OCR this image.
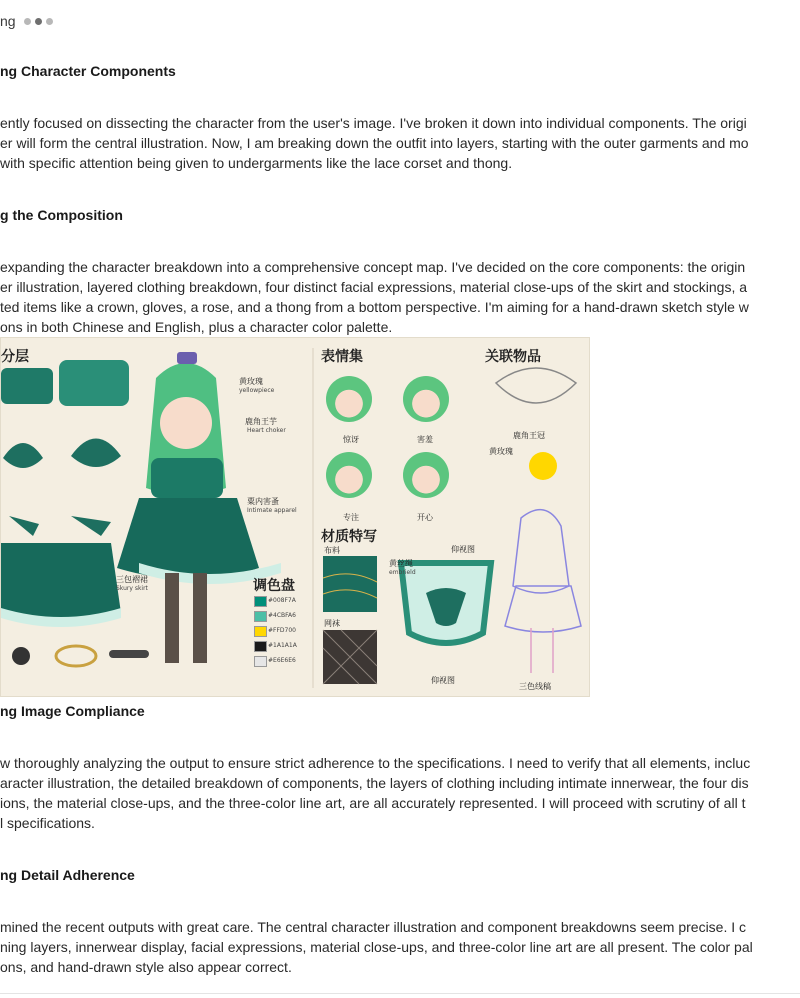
ng
ng Character Components
ently focused on dissecting the character from the user's image. I've broken it down into individual components. The origi
er will form the central illustration. Now, I am breaking down the outfit into layers, starting with the outer garments and mo
with specific attention being given to undergarments like the lace corset and thong.
g the Composition
expanding the character breakdown into a comprehensive concept map. I've decided on the core components: the origin
er illustration, layered clothing breakdown, four distinct facial expressions, material close-ups of the skirt and stockings, a
ted items like a crown, gloves, a rose, and a thong from a bottom perspective. I'm aiming for a hand-drawn sketch style w
ons in both Chinese and English, plus a character color palette.
分层	表情集	关联物品
惊讶	害羞
专注	开心
材质特写
布料
网袜
黄丝绳
embrield
仰视图
仰视图
三色线稿
鹿角王冠
黄玫瑰
黄玫瑰
yellowpiece
鹿角王芋
Heart choker
粟内害蚤
Intimate apparel
三包褶裙
Skury skirt	调色盘
#008F7A
#4CBFA6
#FFD700
#1A1A1A
#E6E6E6
ng Image Compliance
w thoroughly analyzing the output to ensure strict adherence to the specifications. I need to verify that all elements, incluc
aracter illustration, the detailed breakdown of components, the layers of clothing including intimate innerwear, the four dis
ions, the material close-ups, and the three-color line art, are all accurately represented. I will proceed with scrutiny of all t
l specifications.
ng Detail Adherence
mined the recent outputs with great care. The central character illustration and component breakdowns seem precise. I c
ning layers, innerwear display, facial expressions, material close-ups, and three-color line art are all present. The color pal
ons, and hand-drawn style also appear correct.
